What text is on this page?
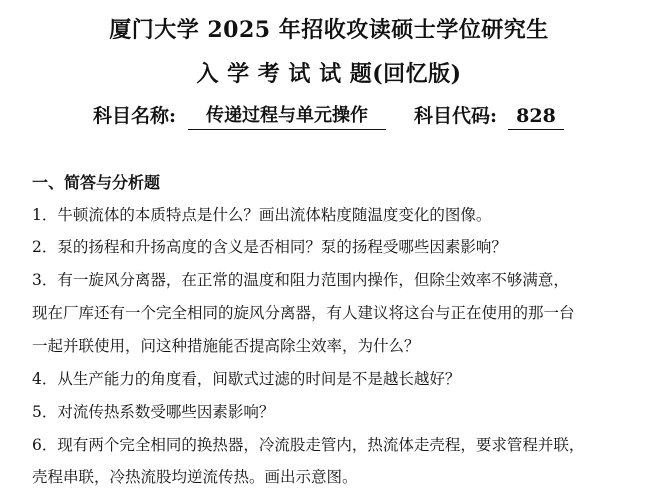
厦门大学 2025 年招收攻读硕士学位研究生
入 学 考 试 试 题(回忆版)
科目名称:	传递过程与单元操作	科目代码:	828
一、简答与分析题
1．牛顿流体的本质特点是什么？画出流体粘度随温度变化的图像。
2．泵的扬程和升扬高度的含义是否相同？泵的扬程受哪些因素影响？
3．有一旋风分离器，在正常的温度和阻力范围内操作，但除尘效率不够满意，
现在厂库还有一个完全相同的旋风分离器，有人建议将这台与正在使用的那一台
一起并联使用，问这种措施能否提高除尘效率，为什么？
4．从生产能力的角度看，间歇式过滤的时间是不是越长越好？
5．对流传热系数受哪些因素影响？
6．现有两个完全相同的换热器，冷流股走管内，热流体走壳程，要求管程并联，
壳程串联，冷热流股均逆流传热。画出示意图。
